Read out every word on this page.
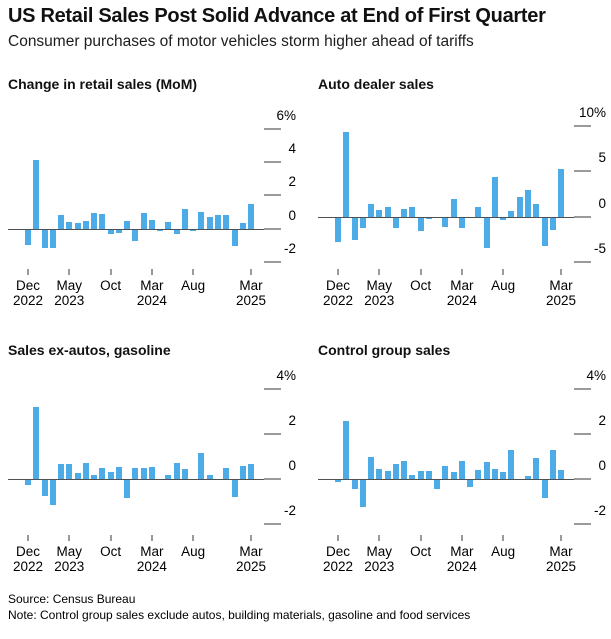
US Retail Sales Post Solid Advance at End of First Quarter
Consumer purchases of motor vehicles storm higher ahead of tariffs
Change in retail sales (MoM)
6%
4
2
0
-2
Dec
2022
May
2023
Oct	Mar
2024
Aug	Mar
2025
Auto dealer sales
10%
5
0
-5
Dec
2022
May
2023
Oct	Mar
2024
Aug	Mar
2025
Sales ex-autos, gasoline
4%
2
0
-2
Dec
2022
May
2023
Oct	Mar
2024
Aug	Mar
2025
Control group sales
4%
2
0
-2
Dec
2022
May
2023
Oct	Mar
2024
Aug	Mar
2025
Source: Census Bureau
Note: Control group sales exclude autos, building materials, gasoline and food services
